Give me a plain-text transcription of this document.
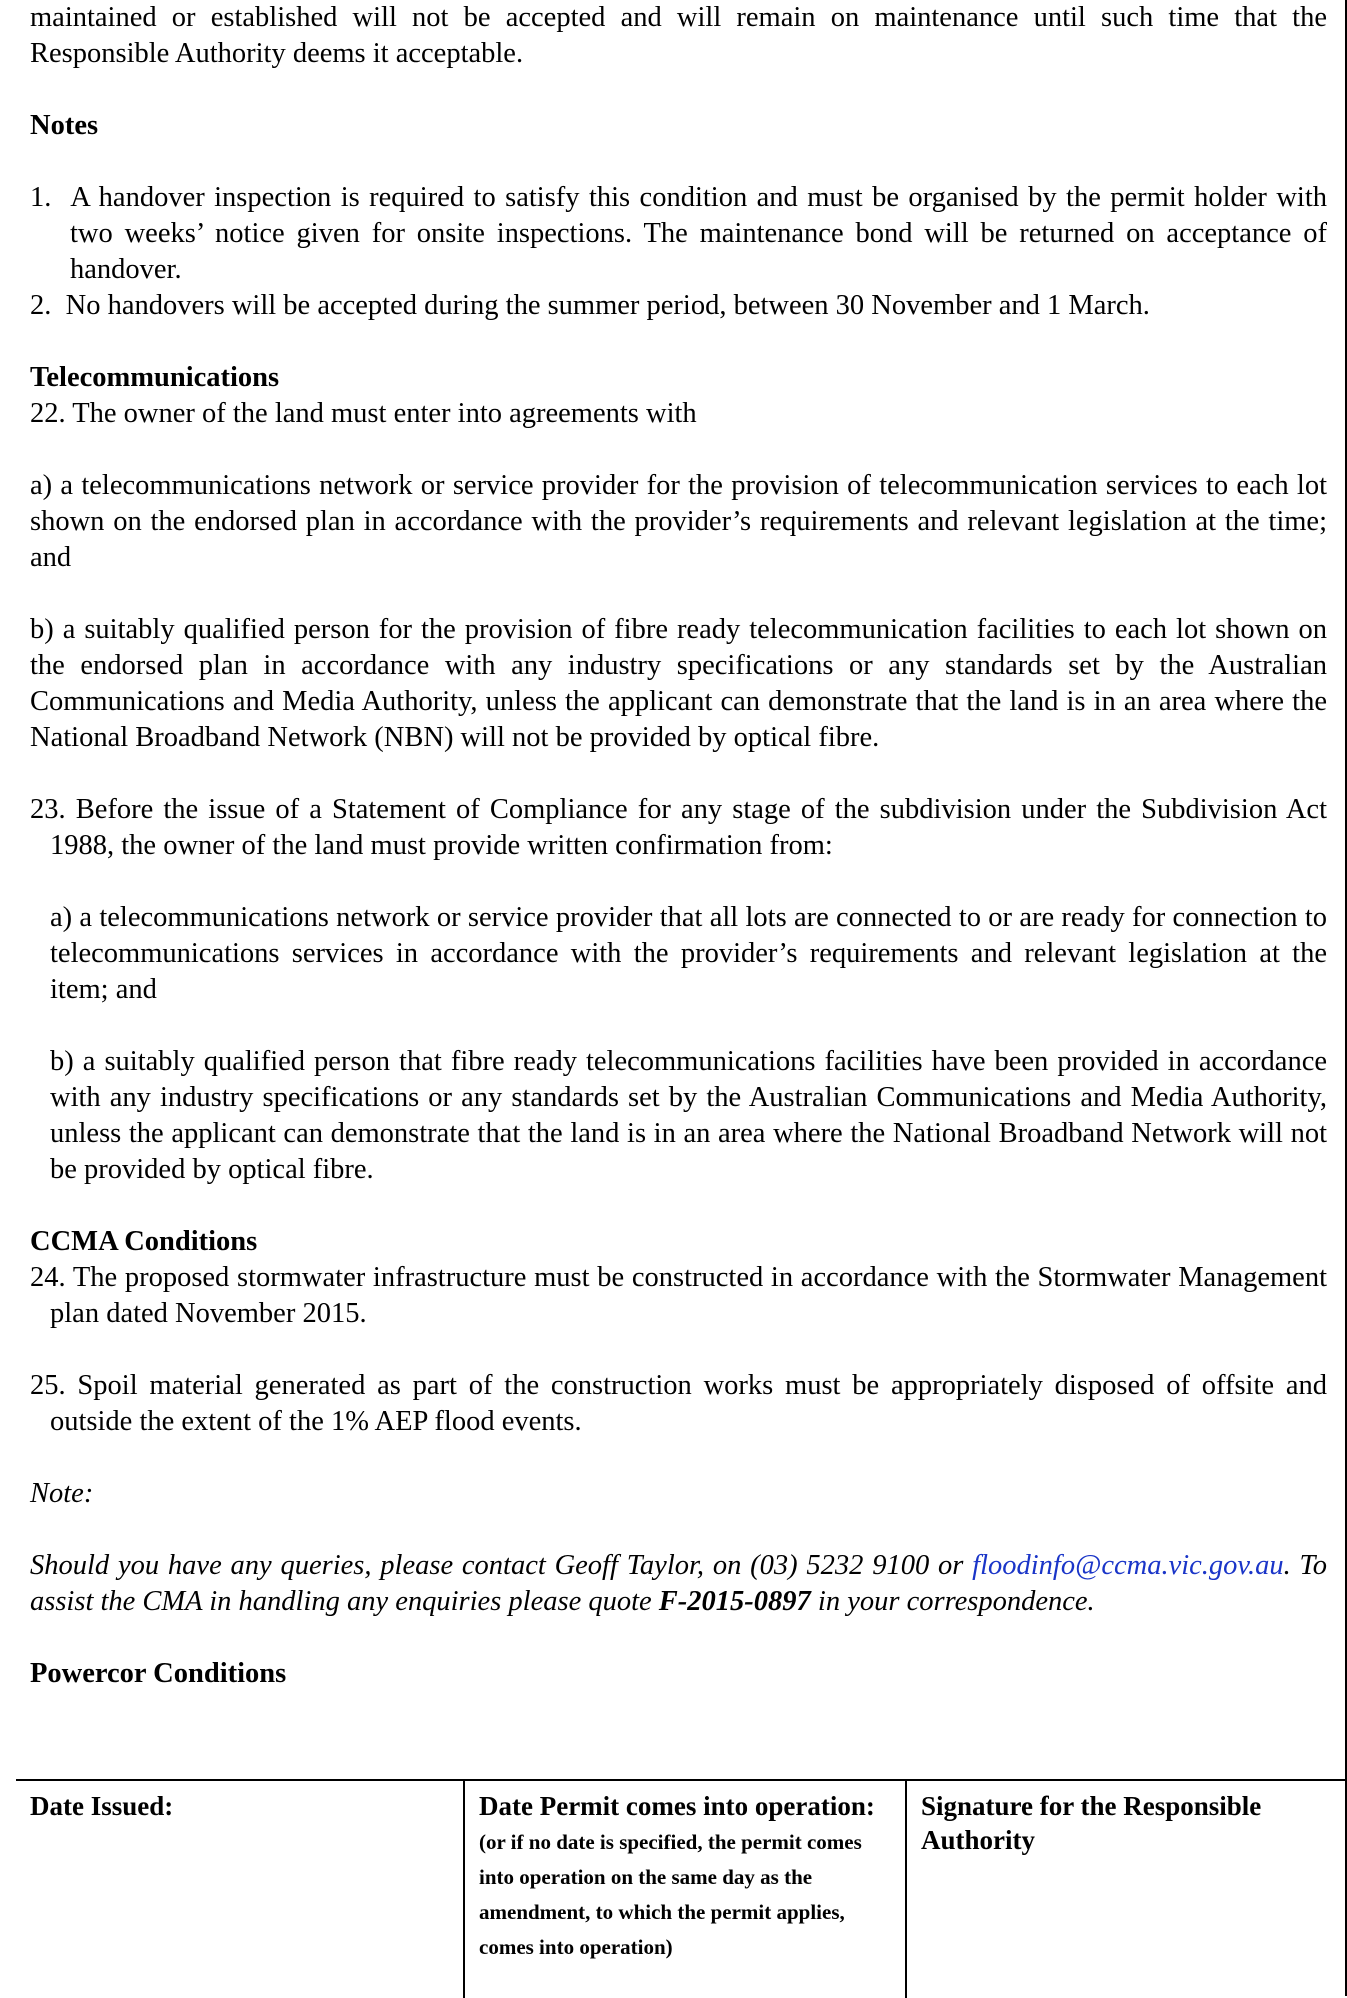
maintained or established will not be accepted and will remain on maintenance until such time that the Responsible Authority deems it acceptable.

Notes

1. A handover inspection is required to satisfy this condition and must be organised by the permit holder with two weeks’ notice given for onsite inspections. The maintenance bond will be returned on acceptance of handover.

2. No handovers will be accepted during the summer period, between 30 November and 1 March.

Telecommunications

22. The owner of the land must enter into agreements with

a) a telecommunications network or service provider for the provision of telecommunication services to each lot shown on the endorsed plan in accordance with the provider’s requirements and relevant legislation at the time; and

b) a suitably qualified person for the provision of fibre ready telecommunication facilities to each lot shown on the endorsed plan in accordance with any industry specifications or any standards set by the Australian Communications and Media Authority, unless the applicant can demonstrate that the land is in an area where the National Broadband Network (NBN) will not be provided by optical fibre.

23. Before the issue of a Statement of Compliance for any stage of the subdivision under the Subdivision Act 1988, the owner of the land must provide written confirmation from:

a) a telecommunications network or service provider that all lots are connected to or are ready for connection to telecommunications services in accordance with the provider’s requirements and relevant legislation at the item; and

b) a suitably qualified person that fibre ready telecommunications facilities have been provided in accordance with any industry specifications or any standards set by the Australian Communications and Media Authority, unless the applicant can demonstrate that the land is in an area where the National Broadband Network will not be provided by optical fibre.

CCMA Conditions

24. The proposed stormwater infrastructure must be constructed in accordance with the Stormwater Management plan dated November 2015.

25. Spoil material generated as part of the construction works must be appropriately disposed of offsite and outside the extent of the 1% AEP flood events.

Note:

Should you have any queries, please contact Geoff Taylor, on (03) 5232 9100 or floodinfo@ccma.vic.gov.au. To assist the CMA in handling any enquiries please quote F-2015-0897 in your correspondence.

Powercor Conditions

Date Issued:	Date Permit comes into operation:
(or if no date is specified, the permit comes into operation on the same day as the amendment, to which the permit applies, comes into operation)
Signature for the Responsible Authority
